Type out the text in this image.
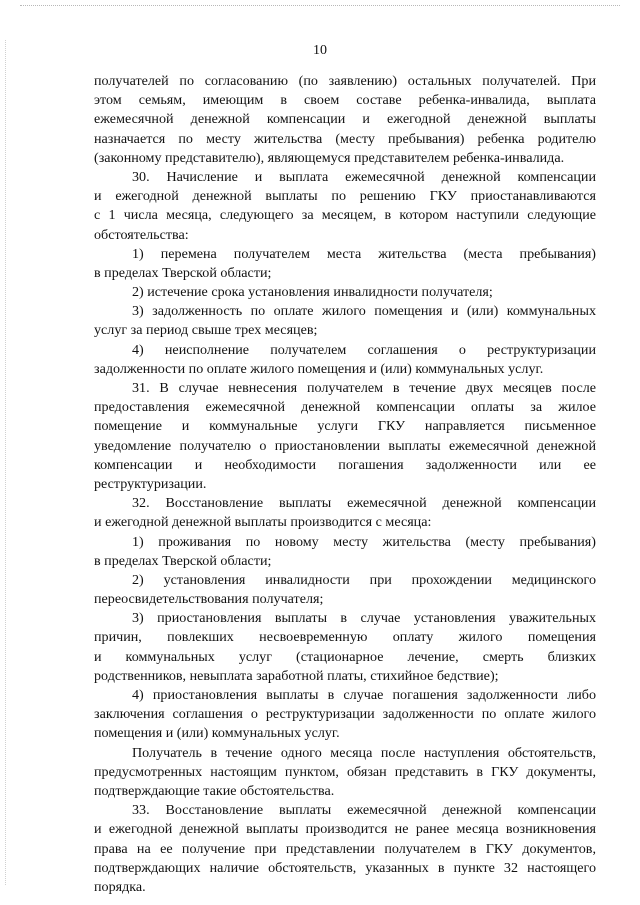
10
получателей по согласованию (по заявлению) остальных получателей. При
этом семьям, имеющим в своем составе ребенка-инвалида, выплата
ежемесячной денежной компенсации и ежегодной денежной выплаты
назначается по месту жительства (месту пребывания) ребенка родителю
(законному представителю), являющемуся представителем ребенка-инвалида.
30. Начисление и выплата ежемесячной денежной компенсации
и ежегодной денежной выплаты по решению ГКУ приостанавливаются
с 1 числа месяца, следующего за месяцем, в котором наступили следующие
обстоятельства:
1) перемена получателем места жительства (места пребывания)
в пределах Тверской области;
2) истечение срока установления инвалидности получателя;
3) задолженность по оплате жилого помещения и (или) коммунальных
услуг за период свыше трех месяцев;
4) неисполнение получателем соглашения о реструктуризации
задолженности по оплате жилого помещения и (или) коммунальных услуг.
31. В случае невнесения получателем в течение двух месяцев после
предоставления ежемесячной денежной компенсации оплаты за жилое
помещение и коммунальные услуги ГКУ направляется письменное
уведомление получателю о приостановлении выплаты ежемесячной денежной
компенсации и необходимости погашения задолженности или ее
реструктуризации.
32. Восстановление выплаты ежемесячной денежной компенсации
и ежегодной денежной выплаты производится с месяца:
1) проживания по новому месту жительства (месту пребывания)
в пределах Тверской области;
2) установления инвалидности при прохождении медицинского
переосвидетельствования получателя;
3) приостановления выплаты в случае установления уважительных
причин, повлекших несвоевременную оплату жилого помещения
и коммунальных услуг (стационарное лечение, смерть близких
родственников, невыплата заработной платы, стихийное бедствие);
4) приостановления выплаты в случае погашения задолженности либо
заключения соглашения о реструктуризации задолженности по оплате жилого
помещения и (или) коммунальных услуг.
Получатель в течение одного месяца после наступления обстоятельств,
предусмотренных настоящим пунктом, обязан представить в ГКУ документы,
подтверждающие такие обстоятельства.
33. Восстановление выплаты ежемесячной денежной компенсации
и ежегодной денежной выплаты производится не ранее месяца возникновения
права на ее получение при представлении получателем в ГКУ документов,
подтверждающих наличие обстоятельств, указанных в пункте 32 настоящего
порядка.
